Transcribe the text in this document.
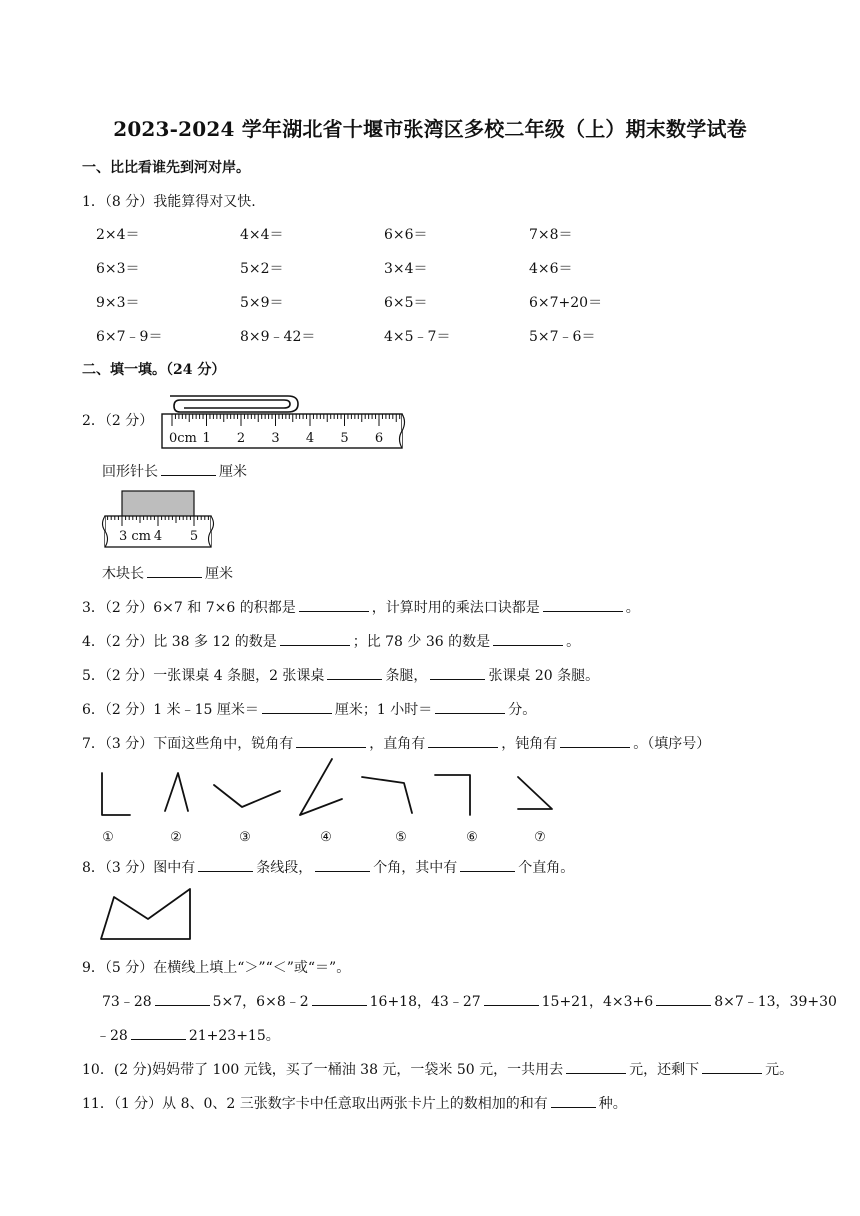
2023-2024 学年湖北省十堰市张湾区多校二年级（上）期末数学试卷
一、比比看谁先到河对岸。
1．（8 分）我能算得对又快.
2×4＝	4×4＝	6×6＝	7×8＝
6×3＝	5×2＝	3×4＝	4×6＝
9×3＝	5×9＝	6×5＝	6×7+20＝
6×7﹣9＝	8×9﹣42＝	4×5﹣7＝	5×7﹣6＝
二、填一填。（24 分）
2．（2 分）
0cm 1 2 3 4 5 6
回形针长	厘米
3 cm 4 5
木块长	厘米
3．（2 分）6×7 和 7×6 的积都是	，计算时用的乘法口诀都是	。
4．（2 分）比 38 多 12 的数是	；比 78 少 36 的数是	。
5．（2 分）一张课桌 4 条腿，2 张课桌	条腿，	张课桌 20 条腿。
6．（2 分）1 米﹣15 厘米＝	厘米；1 小时＝	分。
7．（3 分）下面这些角中，锐角有	，直角有	，钝角有	。（填序号）
①	②	③	④	⑤	⑥	⑦
8．（3 分）图中有	条线段，	个角，其中有	个直角。
9．（5 分）在横线上填上“＞”“＜”或“＝”。
73﹣28	5×7，6×8﹣2	16+18，43﹣27	15+21，4×3+6	8×7﹣13，39+30
﹣28	21+23+15。
10．(2 分)妈妈带了 100 元钱，买了一桶油 38 元，一袋米 50 元，一共用去	元，还剩下	元。
11．（1 分）从 8、0、2 三张数字卡中任意取出两张卡片上的数相加的和有	种。
